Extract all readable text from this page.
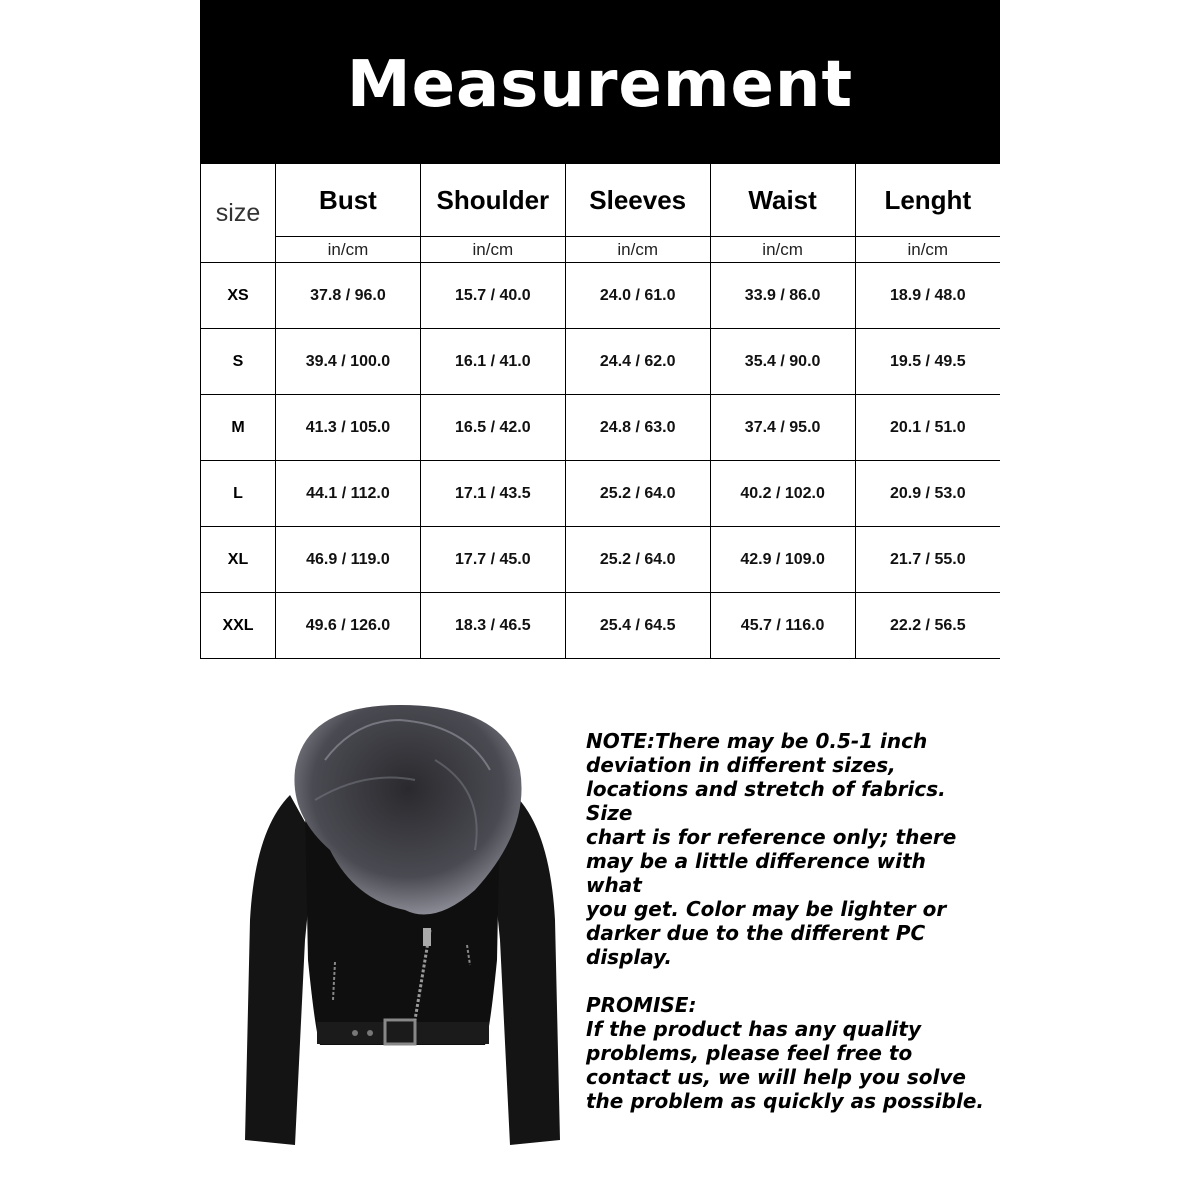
Measurement
size	Bust	Shoulder	Sleeves	Waist	Lenght
	in/cm	in/cm	in/cm	in/cm	in/cm
XS	37.8 / 96.0	15.7 / 40.0	24.0 / 61.0	33.9 / 86.0	18.9 / 48.0
S	39.4 / 100.0	16.1 / 41.0	24.4 / 62.0	35.4 / 90.0	19.5 / 49.5
M	41.3 / 105.0	16.5 / 42.0	24.8 / 63.0	37.4 / 95.0	20.1 / 51.0
L	44.1 / 112.0	17.1 / 43.5	25.2 / 64.0	40.2 / 102.0	20.9 / 53.0
XL	46.9 / 119.0	17.7 / 45.0	25.2 / 64.0	42.9 / 109.0	21.7 / 55.0
XXL	49.6 / 126.0	18.3 / 46.5	25.4 / 64.5	45.7 / 116.0	22.2 / 56.5

NOTE:There may be 0.5-1 inch

deviation in different sizes,

locations and stretch of fabrics. Size

chart is for reference only; there

may be a little difference with what

you get. Color may be lighter or

darker due to the different PC

display.

PROMISE:

If the product has any quality

problems, please feel free to

contact us, we will help you solve

the problem as quickly as possible.
